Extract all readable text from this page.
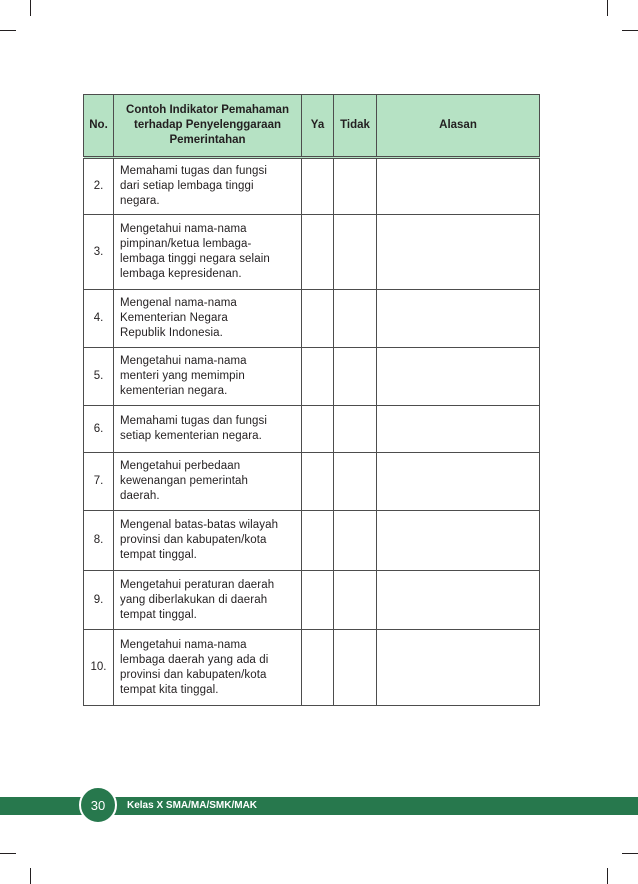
No.	Contoh Indikator Pemahaman
terhadap Penyelenggaraan
Pemerintahan	Ya	Tidak	Alasan
2.	Memahami tugas dan fungsi
dari setiap lembaga tinggi
negara.			

3.	Mengetahui nama-nama
pimpinan/ketua lembaga-
lembaga tinggi negara selain
lembaga kepresidenan.			

4.	Mengenal nama-nama
Kementerian Negara
Republik Indonesia.			

5.	Mengetahui nama-nama
menteri yang memimpin
kementerian negara.			

6.	Memahami tugas dan fungsi
setiap kementerian negara.			

7.	Mengetahui perbedaan
kewenangan pemerintah
daerah.			

8.	Mengenal batas-batas wilayah
provinsi dan kabupaten/kota
tempat tinggal.			

9.	Mengetahui peraturan daerah
yang diberlakukan di daerah
tempat tinggal.			

10.	Mengetahui nama-nama
lembaga daerah yang ada di
provinsi dan kabupaten/kota
tempat kita tinggal.			

30	Kelas X SMA/MA/SMK/MAK
